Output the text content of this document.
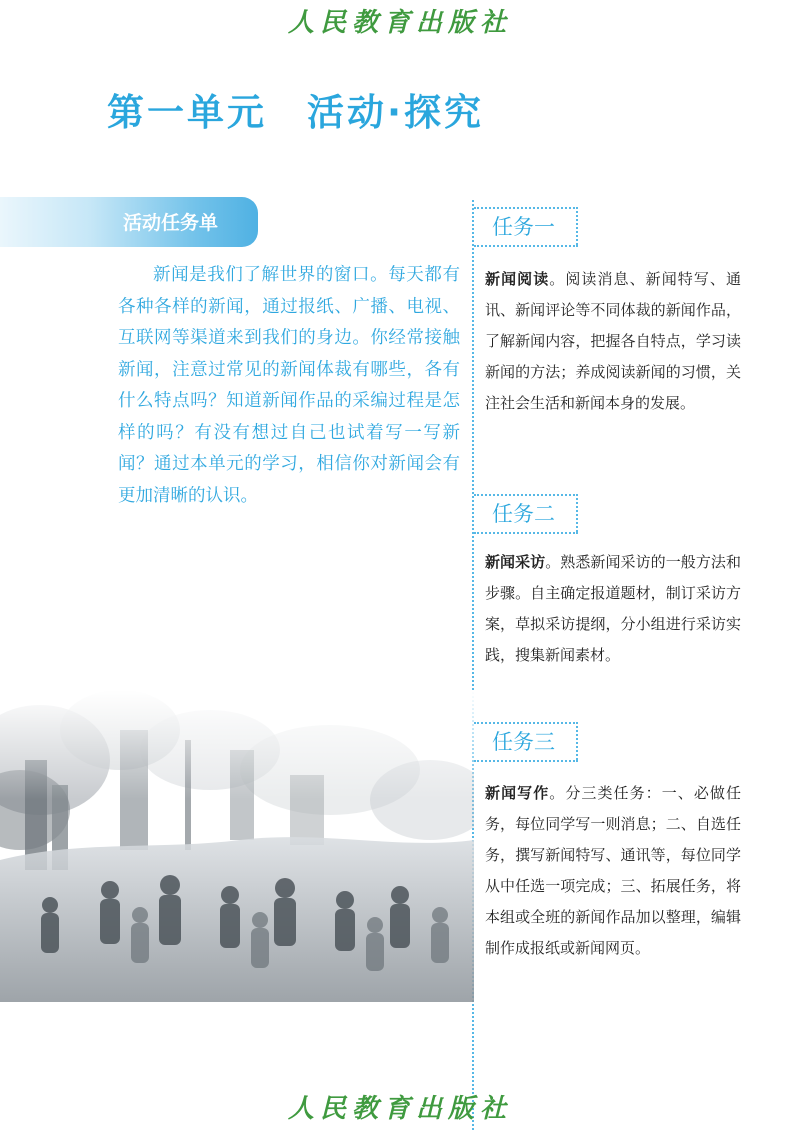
人民教育出版社
第一单元　活动·探究
活动任务单

新闻是我们了解世界的窗口。每天都有各种各样的新闻，通过报纸、广播、电视、互联网等渠道来到我们的身边。你经常接触新闻，注意过常见的新闻体裁有哪些，各有什么特点吗？知道新闻作品的采编过程是怎样的吗？有没有想过自己也试着写一写新闻？通过本单元的学习，相信你对新闻会有更加清晰的认识。

任务一

新闻阅读。阅读消息、新闻特写、通讯、新闻评论等不同体裁的新闻作品，了解新闻内容，把握各自特点，学习读新闻的方法；养成阅读新闻的习惯，关注社会生活和新闻本身的发展。

任务二

新闻采访。熟悉新闻采访的一般方法和步骤。自主确定报道题材，制订采访方案，草拟采访提纲，分小组进行采访实践，搜集新闻素材。

任务三

新闻写作。分三类任务：一、必做任务，每位同学写一则消息；二、自选任务，撰写新闻特写、通讯等，每位同学从中任选一项完成；三、拓展任务，将本组或全班的新闻作品加以整理，编辑制作成报纸或新闻网页。

人民教育出版社
